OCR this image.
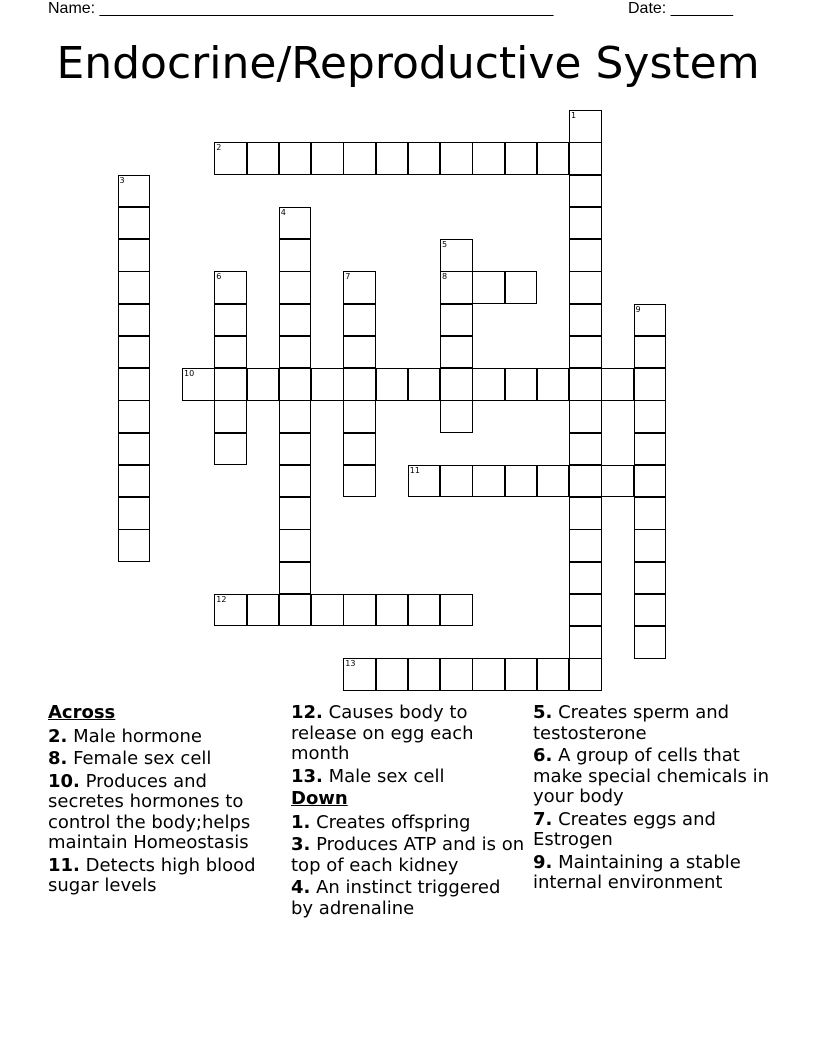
Name: ___________________________________________________	Date: _______
Endocrine/Reproductive System
1
2
3
4
5
8
6	7
9
10
11
12
13
Across
2. Male hormone
8. Female sex cell
10. Produces and secretes hormones to control the body;helps maintain Homeostasis
11. Detects high blood sugar levels
12. Causes body to release on egg each month
13. Male sex cell
Down
1. Creates offspring
3. Produces ATP and is on top of each kidney
4. An instinct triggered by adrenaline
5. Creates sperm and testosterone
6. A group of cells that make special chemicals in your body
7. Creates eggs and Estrogen
9. Maintaining a stable internal environment
